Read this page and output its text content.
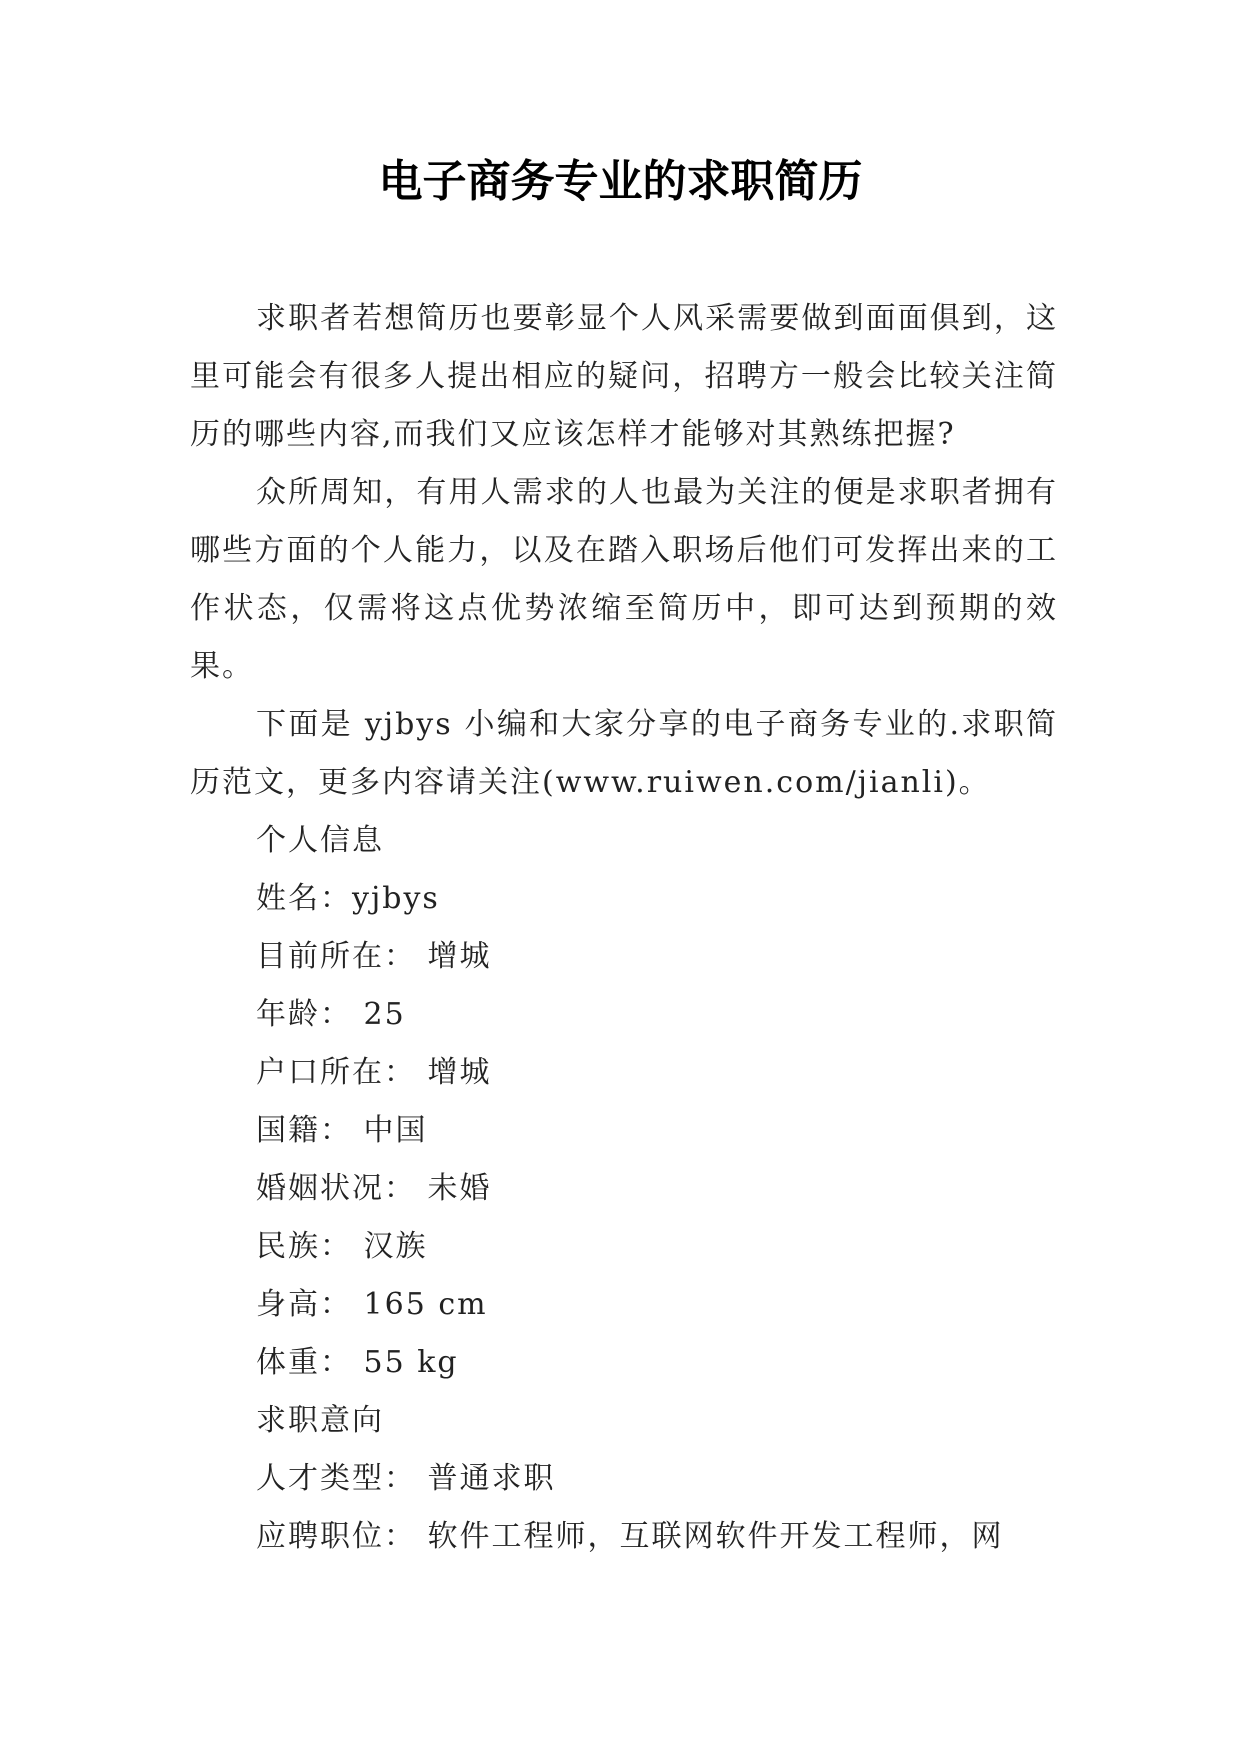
电子商务专业的求职简历

求职者若想简历也要彰显个人风采需要做到面面俱到，这里可能会有很多人提出相应的疑问，招聘方一般会比较关注简历的哪些内容,而我们又应该怎样才能够对其熟练把握?

众所周知，有用人需求的人也最为关注的便是求职者拥有哪些方面的个人能力，以及在踏入职场后他们可发挥出来的工作状态，仅需将这点优势浓缩至简历中，即可达到预期的效果。

下面是 yjbys 小编和大家分享的电子商务专业的.求职简历范文，更多内容请关注(www.ruiwen.com/jianli)。

个人信息

姓名：yjbys

目前所在： 增城

年龄： 25

户口所在： 增城

国籍： 中国

婚姻状况： 未婚

民族： 汉族

身高： 165 cm

体重： 55 kg

求职意向

人才类型： 普通求职

应聘职位： 软件工程师，互联网软件开发工程师，网
